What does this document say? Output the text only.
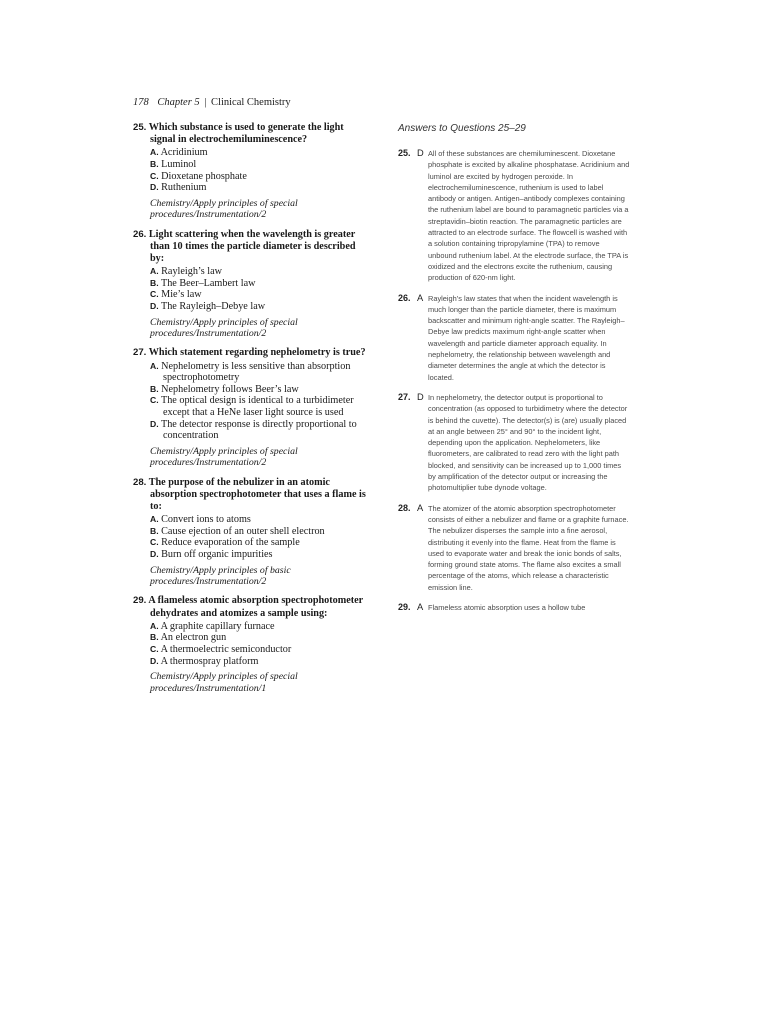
178 Chapter 5 | Clinical Chemistry
25. Which substance is used to generate the light signal in electrochemiluminescence?
A. Acridinium
B. Luminol
C. Dioxetane phosphate
D. Ruthenium
Chemistry/Apply principles of special procedures/Instrumentation/2
26. Light scattering when the wavelength is greater than 10 times the particle diameter is described by:
A. Rayleigh’s law
B. The Beer–Lambert law
C. Mie’s law
D. The Rayleigh–Debye law
Chemistry/Apply principles of special procedures/Instrumentation/2
27. Which statement regarding nephelometry is true?
A. Nephelometry is less sensitive than absorption spectrophotometry
B. Nephelometry follows Beer’s law
C. The optical design is identical to a turbidimeter except that a HeNe laser light source is used
D. The detector response is directly proportional to concentration
Chemistry/Apply principles of special procedures/Instrumentation/2
28. The purpose of the nebulizer in an atomic absorption spectrophotometer that uses a flame is to:
A. Convert ions to atoms
B. Cause ejection of an outer shell electron
C. Reduce evaporation of the sample
D. Burn off organic impurities
Chemistry/Apply principles of basic procedures/Instrumentation/2
29. A flameless atomic absorption spectrophotometer dehydrates and atomizes a sample using:
A. A graphite capillary furnace
B. An electron gun
C. A thermoelectric semiconductor
D. A thermospray platform
Chemistry/Apply principles of special procedures/Instrumentation/1
Answers to Questions 25–29
25. D All of these substances are chemiluminescent. Dioxetane phosphate is excited by alkaline phosphatase. Acridinium and luminol are excited by hydrogen peroxide. In electrochemiluminescence, ruthenium is used to label antibody or antigen. Antigen–antibody complexes containing the ruthenium label are bound to paramagnetic particles via a streptavidin–biotin reaction. The paramagnetic particles are attracted to an electrode surface. The flowcell is washed with a solution containing tripropylamine (TPA) to remove unbound ruthenium label. At the electrode surface, the TPA is oxidized and the electrons excite the ruthenium, causing production of 620-nm light.
26. A Rayleigh’s law states that when the incident wavelength is much longer than the particle diameter, there is maximum backscatter and minimum right-angle scatter. The Rayleigh–Debye law predicts maximum right-angle scatter when wavelength and particle diameter approach equality. In nephelometry, the relationship between wavelength and diameter determines the angle at which the detector is located.
27. D In nephelometry, the detector output is proportional to concentration (as opposed to turbidimetry where the detector is behind the cuvette). The detector(s) is (are) usually placed at an angle between 25° and 90° to the incident light, depending upon the application. Nephelometers, like fluorometers, are calibrated to read zero with the light path blocked, and sensitivity can be increased up to 1,000 times by amplification of the detector output or increasing the photomultiplier tube dynode voltage.
28. A The atomizer of the atomic absorption spectrophotometer consists of either a nebulizer and flame or a graphite furnace. The nebulizer disperses the sample into a fine aerosol, distributing it evenly into the flame. Heat from the flame is used to evaporate water and break the ionic bonds of salts, forming ground state atoms. The flame also excites a small percentage of the atoms, which release a characteristic emission line.
29. A Flameless atomic absorption uses a hollow tube
